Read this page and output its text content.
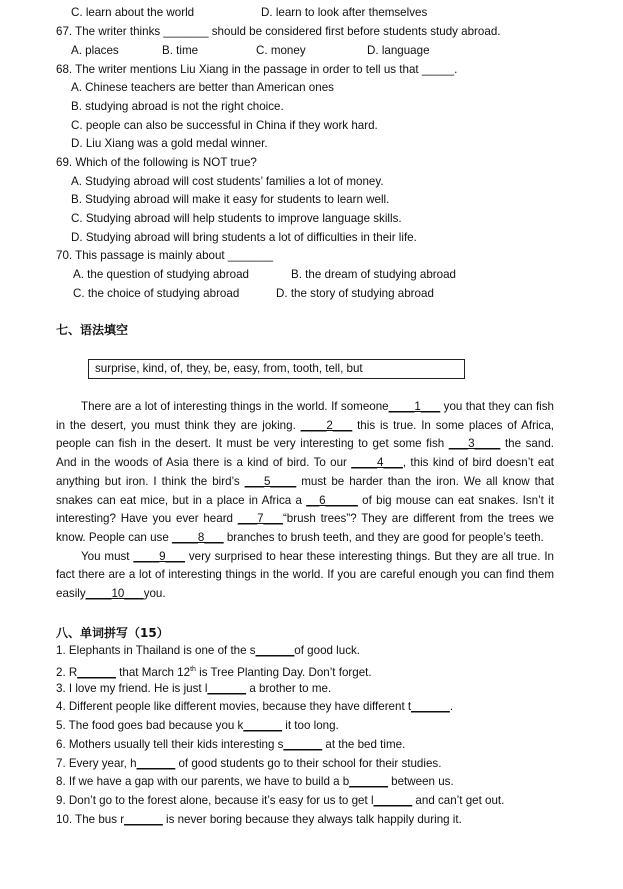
C. learn about the world	D. learn to look after themselves
67. The writer thinks _______ should be considered first before students study abroad.
A. places	B. time	C. money	D. language
68. The writer mentions Liu Xiang in the passage in order to tell us that _____.
A. Chinese teachers are better than American ones
B. studying abroad is not the right choice.
C. people can also be successful in China if they work hard.
D. Liu Xiang was a gold medal winner.
69. Which of the following is NOT true?
A. Studying abroad will cost students’ families a lot of money.
B. Studying abroad will make it easy for students to learn well.
C. Studying abroad will help students to improve language skills.
D. Studying abroad will bring students a lot of difficulties in their life.
70. This passage is mainly about _______
A. the question of studying abroad	B. the dream of studying abroad
C. the choice of studying abroad	D. the story of studying abroad
七、语法填空
surprise, kind, of, they, be, easy, from, tooth, tell, but

There are a lot of interesting things in the world. If someone____1___ you that they can fish in the desert, you must think they are joking. ____2___ this is true. In some places of Africa, people can fish in the desert. It must be very interesting to get some fish ___3____ the sand. And in the woods of Asia there is a kind of bird. To our ____4___, this kind of bird doesn’t eat anything but iron. I think the bird’s ___5____ must be harder than the iron. We all know that snakes can eat mice, but in a place in Africa a __6_____ of big mouse can eat snakes. Isn’t it interesting? Have you ever heard ___7___“brush trees”? They are different from the trees we know. People can use ____8___ branches to brush teeth, and they are good for people’s teeth.

You must ____9___ very surprised to hear these interesting things. But they are all true. In fact there are a lot of interesting things in the world. If you are careful enough you can find them easily____10___you.

八、单词拼写（15）
1. Elephants in Thailand is one of the s______of good luck.
2. R______ that March 12th is Tree Planting Day. Don’t forget.
3. I love my friend. He is just l______ a brother to me.
4. Different people like different movies, because they have different t______.
5. The food goes bad because you k______ it too long.
6. Mothers usually tell their kids interesting s______ at the bed time.
7. Every year, h______ of good students go to their school for their studies.
8. If we have a gap with our parents, we have to build a b______ between us.
9. Don’t go to the forest alone, because it’s easy for us to get l______ and can’t get out.
10. The bus r______ is never boring because they always talk happily during it.
